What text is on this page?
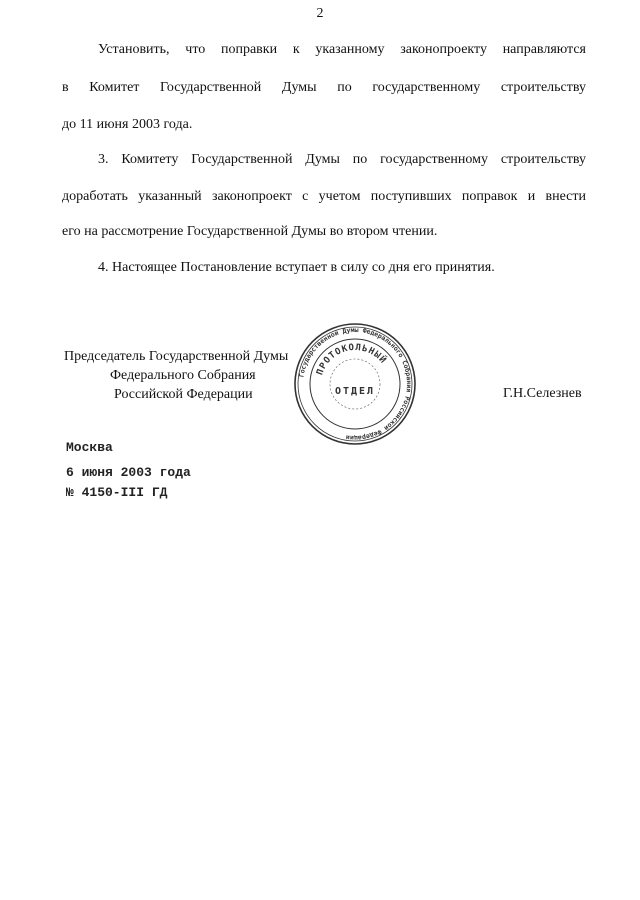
2
Установить, что поправки к указанному законопроекту направляются
в Комитет Государственной Думы по государственному строительству
до 11 июня 2003 года.
3. Комитету Государственной Думы по государственному строительству
доработать указанный законопроект с учетом поступивших поправок и внести
его на рассмотрение Государственной Думы во втором чтении.
4. Настоящее Постановление вступает в силу со дня его принятия.
Председатель Государственной Думы
Федерального Собрания
Российской Федерации
Государственной Думы Федерального Собрания Российской Федерации
ПРОТОКОЛЬНЫЙ
ОТДЕЛ	Г.Н.Селезнев
Москва
6 июня 2003 года
№ 4150-III ГД
